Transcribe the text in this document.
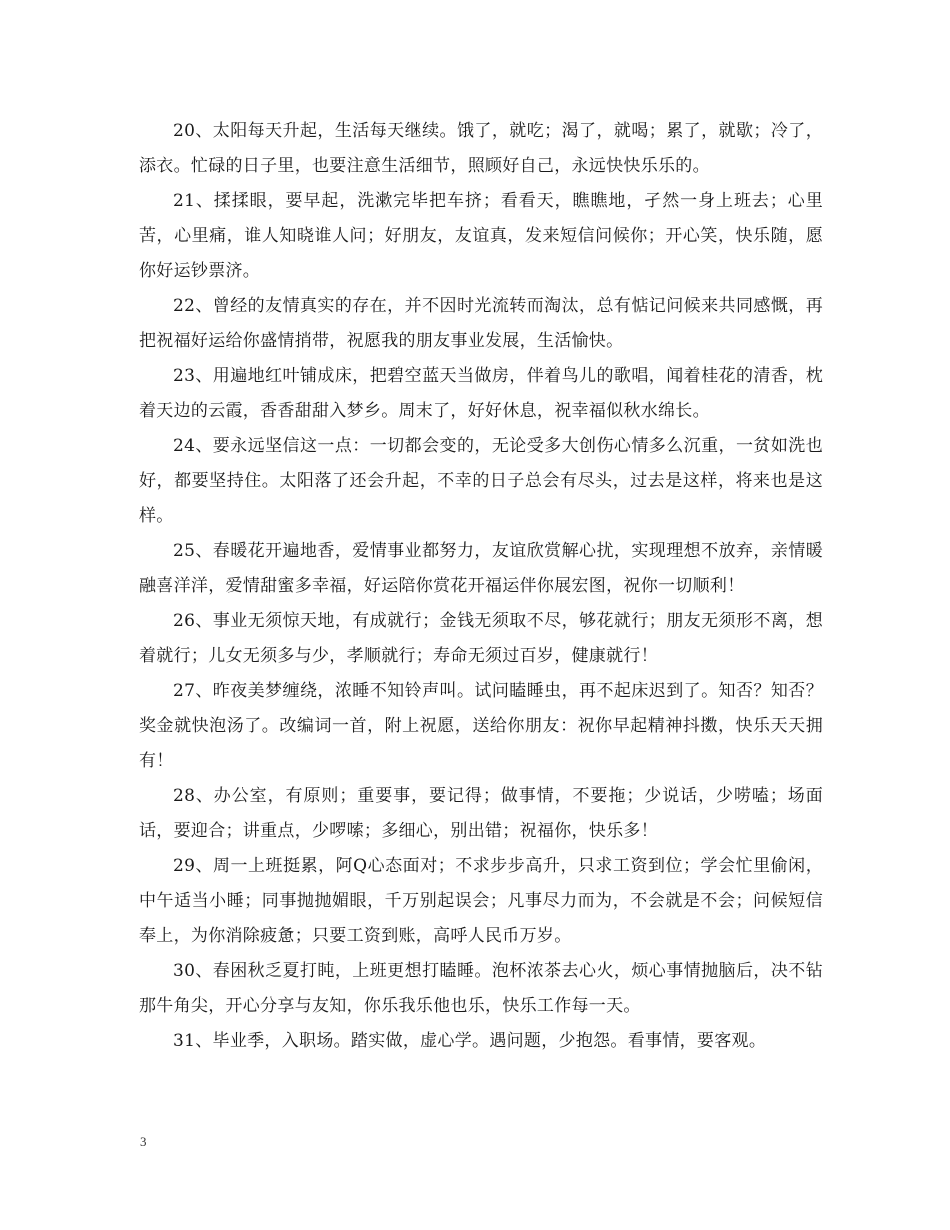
20、太阳每天升起，生活每天继续。饿了，就吃；渴了，就喝；累了，就歇；冷了，添衣。忙碌的日子里，也要注意生活细节，照顾好自己，永远快快乐乐的。

21、揉揉眼，要早起，洗漱完毕把车挤；看看天，瞧瞧地，孑然一身上班去；心里苦，心里痛，谁人知晓谁人问；好朋友，友谊真，发来短信问候你；开心笑，快乐随，愿你好运钞票济。

22、曾经的友情真实的存在，并不因时光流转而淘汰，总有惦记问候来共同感慨，再把祝福好运给你盛情捎带，祝愿我的朋友事业发展，生活愉快。

23、用遍地红叶铺成床，把碧空蓝天当做房，伴着鸟儿的歌唱，闻着桂花的清香，枕着天边的云霞，香香甜甜入梦乡。周末了，好好休息，祝幸福似秋水绵长。

24、要永远坚信这一点：一切都会变的，无论受多大创伤心情多么沉重，一贫如洗也好，都要坚持住。太阳落了还会升起，不幸的日子总会有尽头，过去是这样，将来也是这样。

25、春暖花开遍地香，爱情事业都努力，友谊欣赏解心扰，实现理想不放弃，亲情暖融喜洋洋，爱情甜蜜多幸福，好运陪你赏花开福运伴你展宏图，祝你一切顺利！

26、事业无须惊天地，有成就行；金钱无须取不尽，够花就行；朋友无须形不离，想着就行；儿女无须多与少，孝顺就行；寿命无须过百岁，健康就行！

27、昨夜美梦缠绕，浓睡不知铃声叫。试问瞌睡虫，再不起床迟到了。知否？知否？奖金就快泡汤了。改编词一首，附上祝愿，送给你朋友：祝你早起精神抖擞，快乐天天拥有！

28、办公室，有原则；重要事，要记得；做事情，不要拖；少说话，少唠嗑；场面话，要迎合；讲重点，少啰嗦；多细心，别出错；祝福你，快乐多！

29、周一上班挺累，阿Q心态面对；不求步步高升，只求工资到位；学会忙里偷闲，中午适当小睡；同事抛抛媚眼，千万别起误会；凡事尽力而为，不会就是不会；问候短信奉上，为你消除疲惫；只要工资到账，高呼人民币万岁。

30、春困秋乏夏打盹，上班更想打瞌睡。泡杯浓茶去心火，烦心事情抛脑后，决不钻那牛角尖，开心分享与友知，你乐我乐他也乐，快乐工作每一天。

31、毕业季，入职场。踏实做，虚心学。遇问题，少抱怨。看事情，要客观。

3
